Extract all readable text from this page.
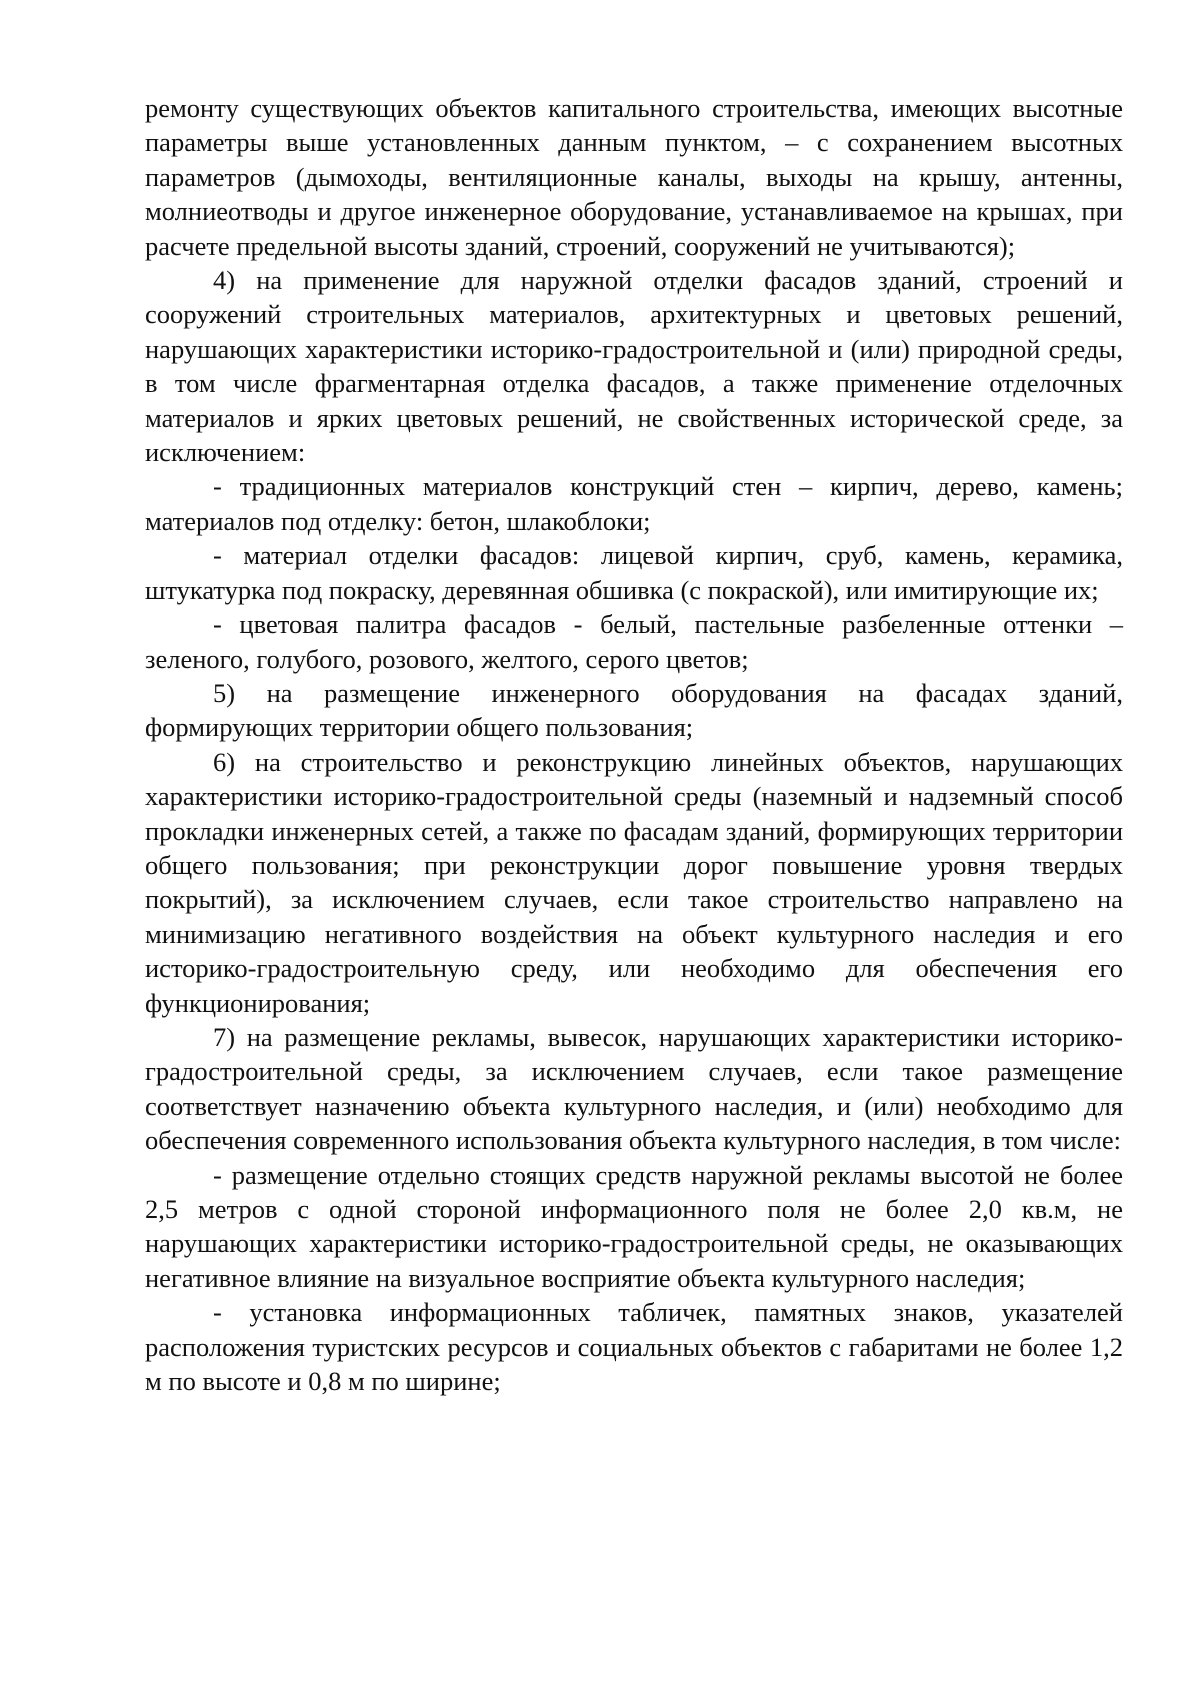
ремонту существующих объектов капитального строительства, имеющих высотные параметры выше установленных данным пунктом, – с сохранением высотных параметров (дымоходы, вентиляционные каналы, выходы на крышу, антенны, молниеотводы и другое инженерное оборудование, устанавливаемое на крышах, при расчете предельной высоты зданий, строений, сооружений не учитываются);

4) на применение для наружной отделки фасадов зданий, строений и сооружений строительных материалов, архитектурных и цветовых решений, нарушающих характеристики историко-градостроительной и (или) природной среды, в том числе фрагментарная отделка фасадов, а также применение отделочных материалов и ярких цветовых решений, не свойственных исторической среде, за исключением:

- традиционных материалов конструкций стен – кирпич, дерево, камень; материалов под отделку: бетон, шлакоблоки;

- материал отделки фасадов: лицевой кирпич, сруб, камень, керамика, штукатурка под покраску, деревянная обшивка (с покраской), или имитирующие их;

- цветовая палитра фасадов - белый, пастельные разбеленные оттенки – зеленого, голубого, розового, желтого, серого цветов;

5) на размещение инженерного оборудования на фасадах зданий, формирующих территории общего пользования;

6) на строительство и реконструкцию линейных объектов, нарушающих характеристики историко-градостроительной среды (наземный и надземный способ прокладки инженерных сетей, а также по фасадам зданий, формирующих территории общего пользования; при реконструкции дорог повышение уровня твердых покрытий), за исключением случаев, если такое строительство направлено на минимизацию негативного воздействия на объект культурного наследия и его историко-градостроительную среду, или необходимо для обеспечения его функционирования;

7) на размещение рекламы, вывесок, нарушающих характеристики историко-градостроительной среды, за исключением случаев, если такое размещение соответствует назначению объекта культурного наследия, и (или) необходимо для обеспечения современного использования объекта культурного наследия, в том числе:

- размещение отдельно стоящих средств наружной рекламы высотой не более 2,5 метров с одной стороной информационного поля не более 2,0 кв.м, не нарушающих характеристики историко-градостроительной среды, не оказывающих негативное влияние на визуальное восприятие объекта культурного наследия;

- установка информационных табличек, памятных знаков, указателей расположения туристских ресурсов и социальных объектов с габаритами не более 1,2 м по высоте и 0,8 м по ширине;
